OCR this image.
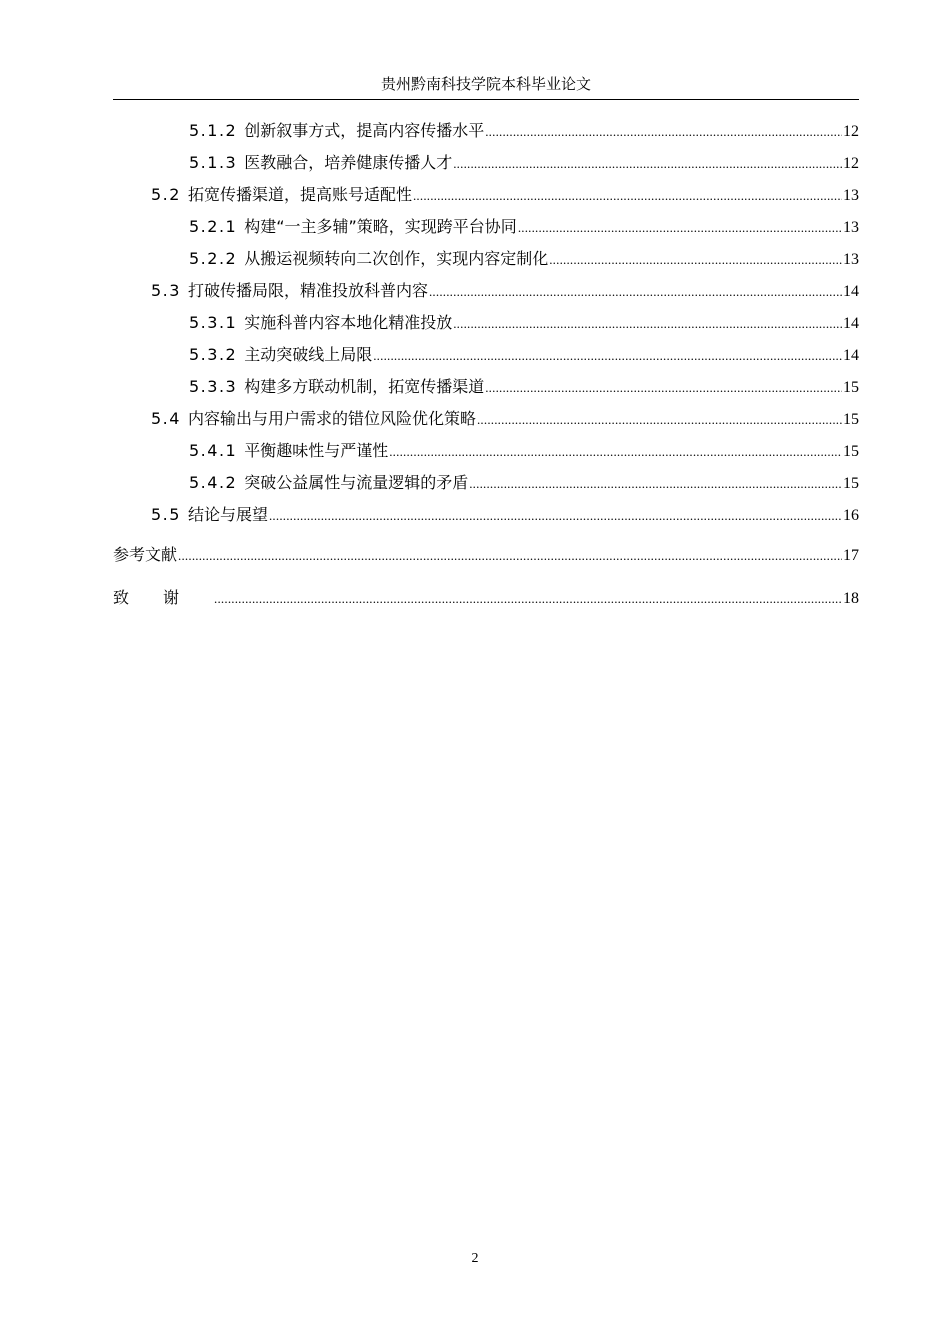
贵州黔南科技学院本科毕业论文
5.1.2 创新叙事方式，提高内容传播水平 .....	12
5.1.3 医教融合，培养健康传播人才 .....	12
5.2 拓宽传播渠道，提高账号适配性 .....	13
5.2.1 构建“一主多辅”策略，实现跨平台协同 .....	13
5.2.2 从搬运视频转向二次创作，实现内容定制化 .....	13
5.3 打破传播局限，精准投放科普内容 .....	14
5.3.1 实施科普内容本地化精准投放 .....	14
5.3.2 主动突破线上局限 .....	14
5.3.3 构建多方联动机制，拓宽传播渠道 .....	15
5.4 内容输出与用户需求的错位风险优化策略 .....	15
5.4.1 平衡趣味性与严谨性 .....	15
5.4.2 突破公益属性与流量逻辑的矛盾 .....	15
5.5 结论与展望 .....	16
参考文献 .....	17
致谢 .....	18
2
